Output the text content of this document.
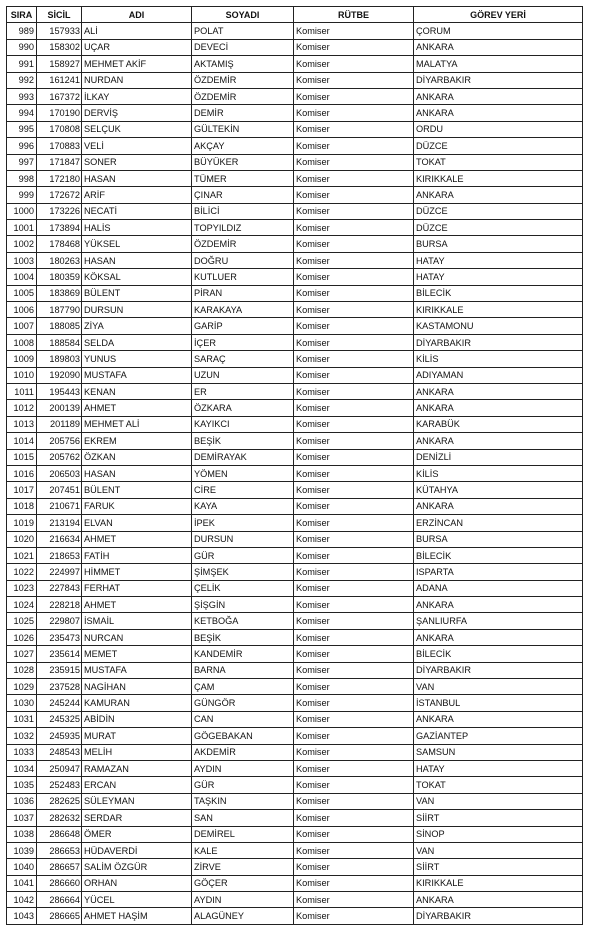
SIRA	SİCİL	ADI	SOYADI	RÜTBE	GÖREV YERİ
989	157933	ALİ	POLAT	Komiser	ÇORUM
990	158302	UÇAR	DEVECİ	Komiser	ANKARA
991	158927	MEHMET AKİF	AKTAMIŞ	Komiser	MALATYA
992	161241	NURDAN	ÖZDEMİR	Komiser	DİYARBAKIR
993	167372	İLKAY	ÖZDEMİR	Komiser	ANKARA
994	170190	DERVİŞ	DEMİR	Komiser	ANKARA
995	170808	SELÇUK	GÜLTEKİN	Komiser	ORDU
996	170883	VELİ	AKÇAY	Komiser	DÜZCE
997	171847	SONER	BÜYÜKER	Komiser	TOKAT
998	172180	HASAN	TÜMER	Komiser	KIRIKKALE
999	172672	ARİF	ÇINAR	Komiser	ANKARA
1000	173226	NECATİ	BİLİCİ	Komiser	DÜZCE
1001	173894	HALİS	TOPYILDIZ	Komiser	DÜZCE
1002	178468	YÜKSEL	ÖZDEMİR	Komiser	BURSA
1003	180263	HASAN	DOĞRU	Komiser	HATAY
1004	180359	KÖKSAL	KUTLUER	Komiser	HATAY
1005	183869	BÜLENT	PİRAN	Komiser	BİLECİK
1006	187790	DURSUN	KARAKAYA	Komiser	KIRIKKALE
1007	188085	ZİYA	GARİP	Komiser	KASTAMONU
1008	188584	SELDA	İÇER	Komiser	DİYARBAKIR
1009	189803	YUNUS	SARAÇ	Komiser	KİLİS
1010	192090	MUSTAFA	UZUN	Komiser	ADIYAMAN
1011	195443	KENAN	ER	Komiser	ANKARA
1012	200139	AHMET	ÖZKARA	Komiser	ANKARA
1013	201189	MEHMET ALİ	KAYIKCI	Komiser	KARABÜK
1014	205756	EKREM	BEŞİK	Komiser	ANKARA
1015	205762	ÖZKAN	DEMİRAYAK	Komiser	DENİZLİ
1016	206503	HASAN	YÖMEN	Komiser	KİLİS
1017	207451	BÜLENT	CİRE	Komiser	KÜTAHYA
1018	210671	FARUK	KAYA	Komiser	ANKARA
1019	213194	ELVAN	İPEK	Komiser	ERZİNCAN
1020	216634	AHMET	DURSUN	Komiser	BURSA
1021	218653	FATİH	GÜR	Komiser	BİLECİK
1022	224997	HİMMET	ŞİMŞEK	Komiser	ISPARTA
1023	227843	FERHAT	ÇELİK	Komiser	ADANA
1024	228218	AHMET	ŞİŞGİN	Komiser	ANKARA
1025	229807	İSMAİL	KETBOĞA	Komiser	ŞANLIURFA
1026	235473	NURCAN	BEŞİK	Komiser	ANKARA
1027	235614	MEMET	KANDEMİR	Komiser	BİLECİK
1028	235915	MUSTAFA	BARNA	Komiser	DİYARBAKIR
1029	237528	NAGİHAN	ÇAM	Komiser	VAN
1030	245244	KAMURAN	GÜNGÖR	Komiser	İSTANBUL
1031	245325	ABİDİN	CAN	Komiser	ANKARA
1032	245935	MURAT	GÖGEBAKAN	Komiser	GAZİANTEP
1033	248543	MELİH	AKDEMİR	Komiser	SAMSUN
1034	250947	RAMAZAN	AYDIN	Komiser	HATAY
1035	252483	ERCAN	GÜR	Komiser	TOKAT
1036	282625	SÜLEYMAN	TAŞKIN	Komiser	VAN
1037	282632	SERDAR	SAN	Komiser	SİİRT
1038	286648	ÖMER	DEMİREL	Komiser	SİNOP
1039	286653	HÜDAVERDİ	KALE	Komiser	VAN
1040	286657	SALİM ÖZGÜR	ZİRVE	Komiser	SİİRT
1041	286660	ORHAN	GÖÇER	Komiser	KIRIKKALE
1042	286664	YÜCEL	AYDIN	Komiser	ANKARA
1043	286665	AHMET HAŞİM	ALAGÜNEY	Komiser	DİYARBAKIR
